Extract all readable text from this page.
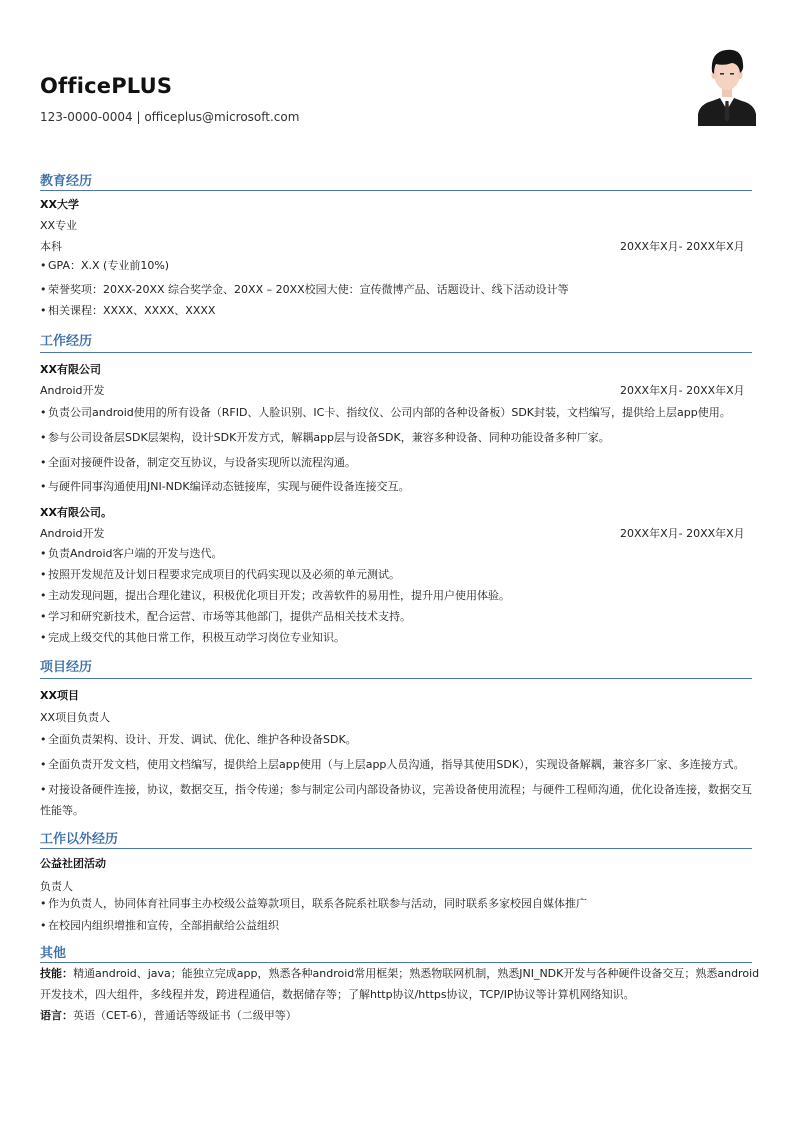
OfficePLUS
123-0000-0004 | officeplus@microsoft.com
教育经历
XX大学
XX专业
本科	20XX年X月- 20XX年X月
• GPA：X.X (专业前10%)
• 荣誉奖项：20XX-20XX 综合奖学金、20XX – 20XX校园大使：宣传微博产品、话题设计、线下活动设计等
• 相关课程：XXXX、XXXX、XXXX
工作经历
XX有限公司
Android开发	20XX年X月- 20XX年X月
• 负责公司android使用的所有设备（RFID、人脸识别、IC卡、指纹仪、公司内部的各种设备板）SDK封装，文档编写，提供给上层app使用。
• 参与公司设备层SDK层架构，设计SDK开发方式，解耦app层与设备SDK，兼容多种设备、同种功能设备多种厂家。
• 全面对接硬件设备，制定交互协议，与设备实现所以流程沟通。
• 与硬件同事沟通使用JNI-NDK编译动态链接库，实现与硬件设备连接交互。
XX有限公司。
Android开发	20XX年X月- 20XX年X月
• 负责Android客户端的开发与迭代。
• 按照开发规范及计划日程要求完成项目的代码实现以及必须的单元测试。
• 主动发现问题，提出合理化建议，积极优化项目开发；改善软件的易用性，提升用户使用体验。
• 学习和研究新技术，配合运营、市场等其他部门，提供产品相关技术支持。
• 完成上级交代的其他日常工作，积极互动学习岗位专业知识。
项目经历
XX项目
XX项目负责人
• 全面负责架构、设计、开发、调试、优化、维护各种设备SDK。
• 全面负责开发文档，使用文档编写，提供给上层app使用（与上层app人员沟通，指导其使用SDK），实现设备解耦，兼容多厂家、多连接方式。
• 对接设备硬件连接，协议，数据交互，指令传递；参与制定公司内部设备协议，完善设备使用流程；与硬件工程师沟通，优化设备连接，数据交互性能等。
工作以外经历
公益社团活动
负责人
• 作为负责人，协同体育社同事主办校级公益筹款项目，联系各院系社联参与活动，同时联系多家校园自媒体推广
• 在校园内组织增推和宣传，全部捐献给公益组织
其他
技能：精通android、java；能独立完成app，熟悉各种android常用框架；熟悉物联网机制，熟悉JNI_NDK开发与各种硬件设备交互；熟悉android开发技术，四大组件，多线程并发，跨进程通信，数据储存等；了解http协议/https协议，TCP/IP协议等计算机网络知识。
语言：英语（CET-6），普通话等级证书（二级甲等）
